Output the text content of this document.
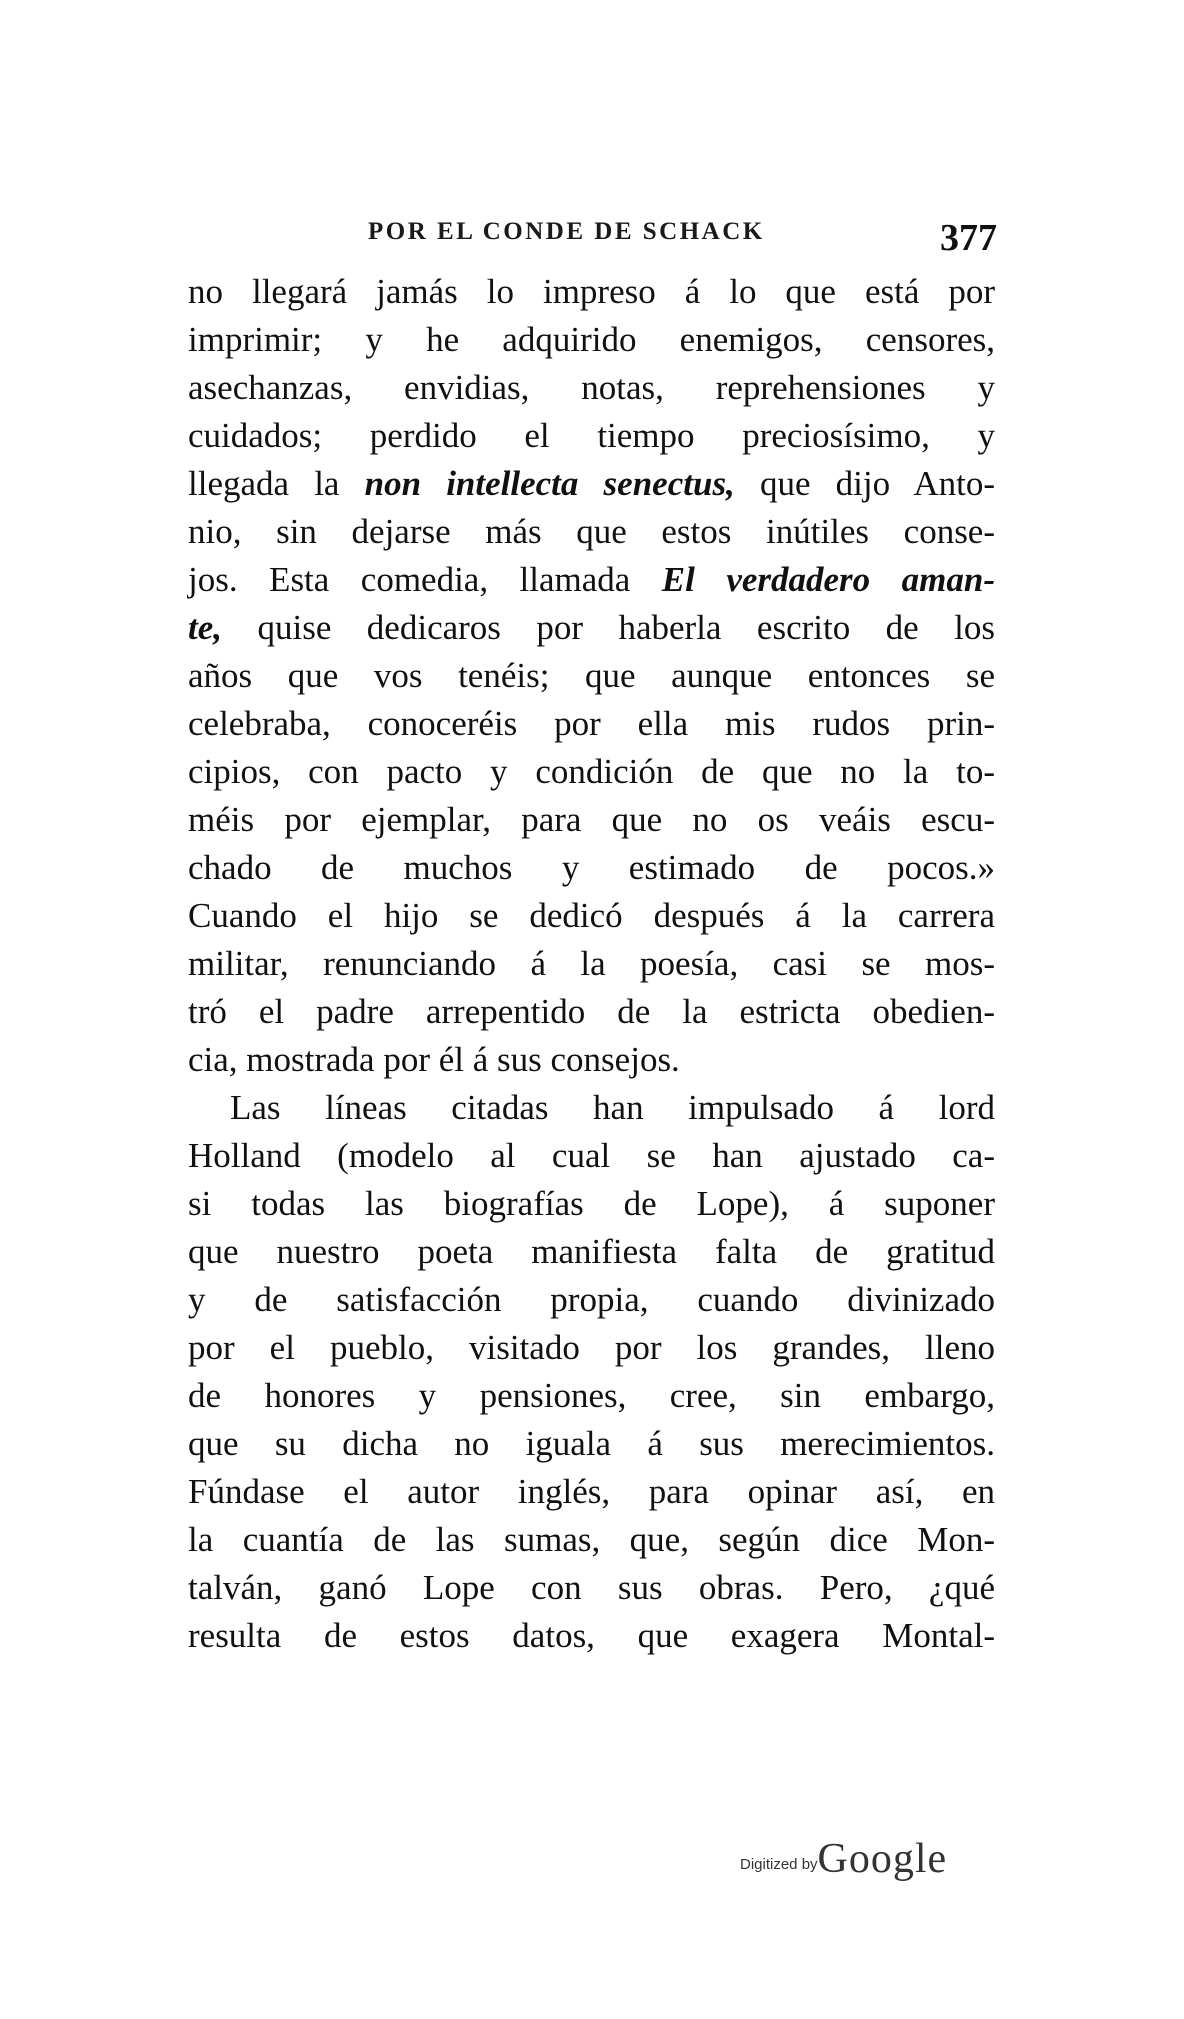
POR EL CONDE DE SCHACK	377
no llegará jamás lo impreso á lo que está por
imprimir; y he adquirido enemigos, censores,
asechanzas, envidias, notas, reprehensiones y
cuidados; perdido el tiempo preciosísimo, y
llegada la non intellecta senectus, que dijo Anto-
nio, sin dejarse más que estos inútiles conse-
jos. Esta comedia, llamada El verdadero aman-
te, quise dedicaros por haberla escrito de los
años que vos tenéis; que aunque entonces se
celebraba, conoceréis por ella mis rudos prin-
cipios, con pacto y condición de que no la to-
méis por ejemplar, para que no os veáis escu-
chado de muchos y estimado de pocos.»
Cuando el hijo se dedicó después á la carrera
militar, renunciando á la poesía, casi se mos-
tró el padre arrepentido de la estricta obedien-
cia, mostrada por él á sus consejos.
Las líneas citadas han impulsado á lord
Holland (modelo al cual se han ajustado ca-
si todas las biografías de Lope), á suponer
que nuestro poeta manifiesta falta de gratitud
y de satisfacción propia, cuando divinizado
por el pueblo, visitado por los grandes, lleno
de honores y pensiones, cree, sin embargo,
que su dicha no iguala á sus merecimientos.
Fúndase el autor inglés, para opinar así, en
la cuantía de las sumas, que, según dice Mon-
talván, ganó Lope con sus obras. Pero, ¿qué
resulta de estos datos, que exagera Montal-
Digitized byGoogle
